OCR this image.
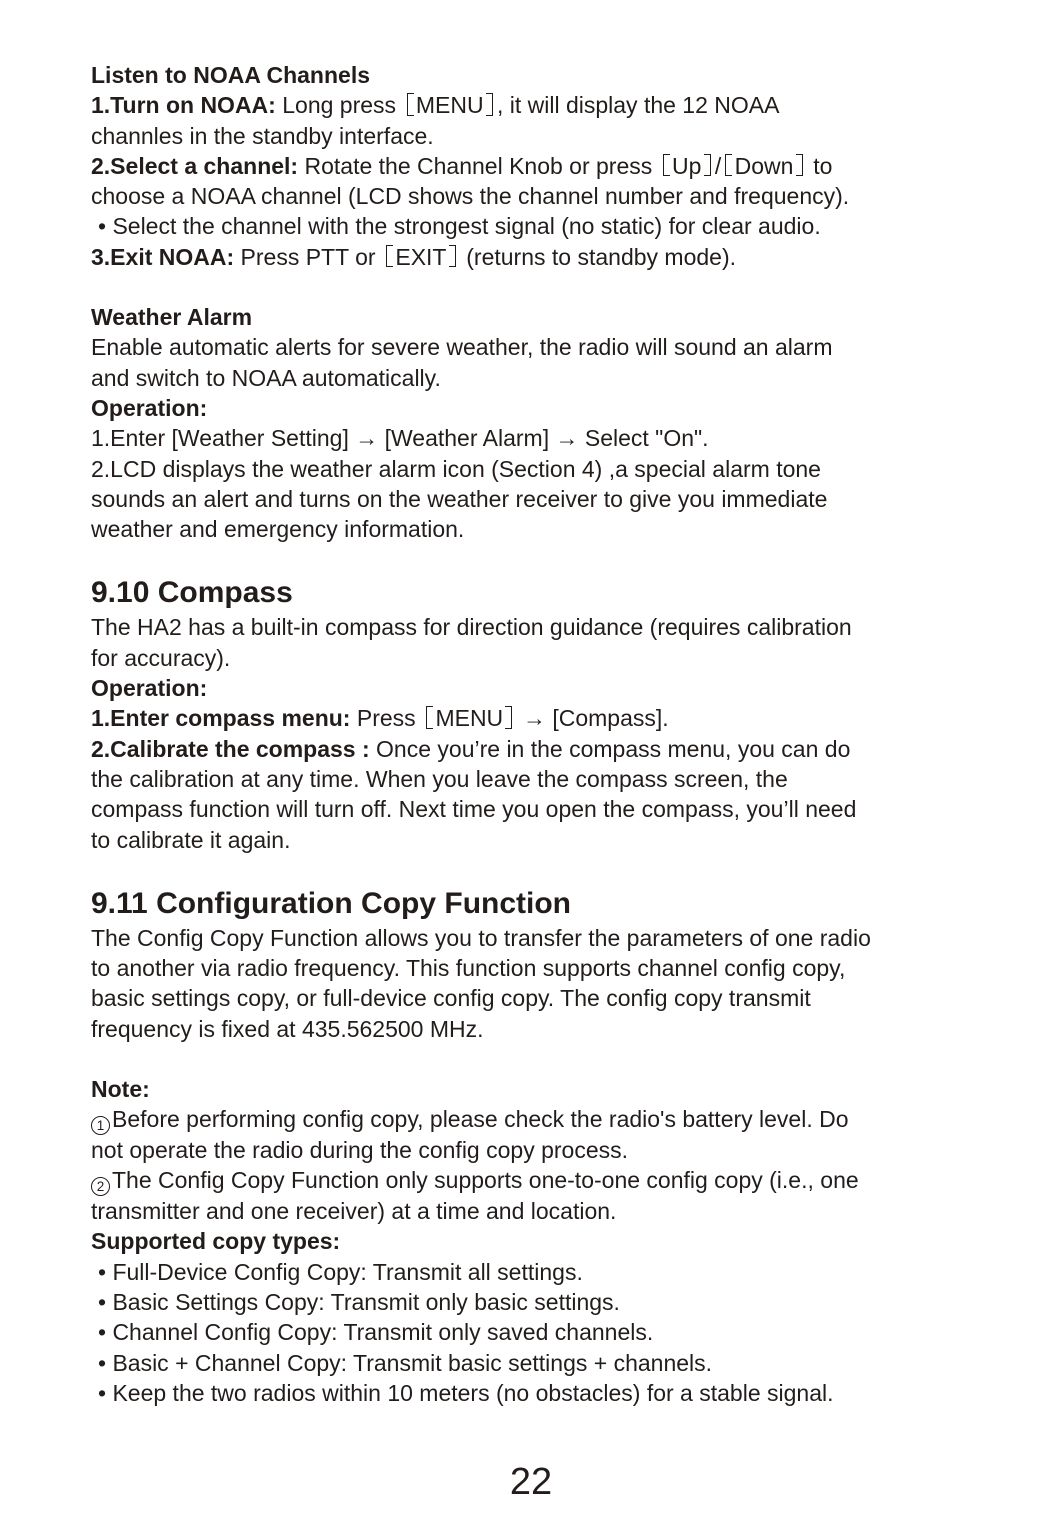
Listen to NOAA Channels
1.Turn on NOAA: Long press MENU , it will display the 12 NOAA
channles in the standby interface.
2.Select a channel: Rotate the Channel Knob or press Up / Down to
choose a NOAA channel (LCD shows the channel number and frequency).
• Select the channel with the strongest signal (no static) for clear audio.
3.Exit NOAA: Press PTT or EXIT (returns to standby mode).
Weather Alarm
Enable automatic alerts for severe weather, the radio will sound an alarm
and switch to NOAA automatically.
Operation:
1.Enter [Weather Setting] → [Weather Alarm] → Select "On".
2.LCD displays the weather alarm icon (Section 4) ,a special alarm tone
sounds an alert and turns on the weather receiver to give you immediate
weather and emergency information.
9.10 Compass
The HA2 has a built-in compass for direction guidance (requires calibration
for accuracy).
Operation:
1.Enter compass menu: Press MENU → [Compass].
2.Calibrate the compass : Once you’re in the compass menu, you can do
the calibration at any time. When you leave the compass screen, the
compass function will turn off. Next time you open the compass, you’ll need
to calibrate it again.
9.11 Configuration Copy Function
The Config Copy Function allows you to transfer the parameters of one radio
to another via radio frequency. This function supports channel config copy,
basic settings copy, or full-device config copy. The config copy transmit
frequency is fixed at 435.562500 MHz.
Note:
1 Before performing config copy, please check the radio's battery level. Do
not operate the radio during the config copy process.
2 The Config Copy Function only supports one-to-one config copy (i.e., one
transmitter and one receiver) at a time and location.
Supported copy types:
• Full-Device Config Copy: Transmit all settings.
• Basic Settings Copy: Transmit only basic settings.
• Channel Config Copy: Transmit only saved channels.
• Basic + Channel Copy: Transmit basic settings + channels.
• Keep the two radios within 10 meters (no obstacles) for a stable signal.
22
